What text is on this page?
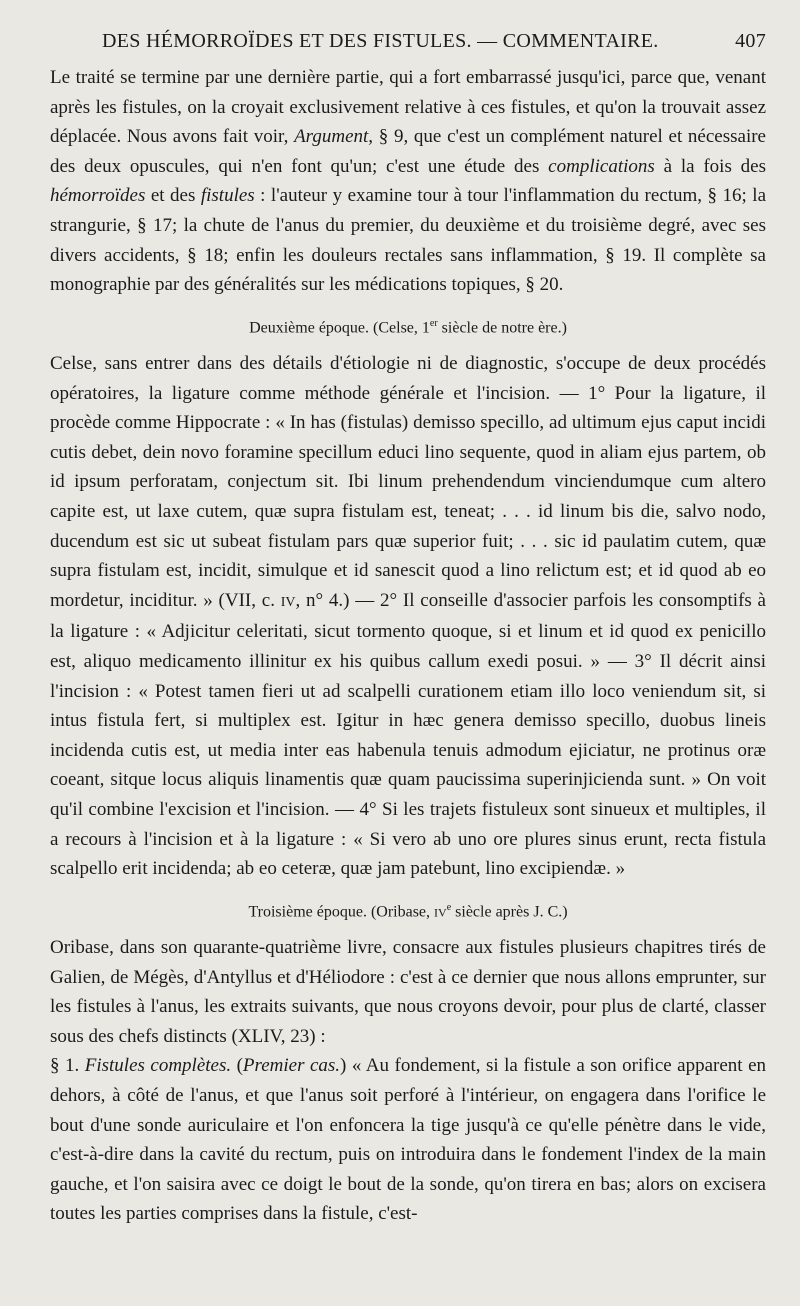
DES HÉMORROÏDES ET DES FISTULES. — COMMENTAIRE.	407

Le traité se termine par une dernière partie, qui a fort embarrassé jusqu'ici, parce que, venant après les fistules, on la croyait exclusivement relative à ces fistules, et qu'on la trouvait assez déplacée. Nous avons fait voir, Argument, § 9, que c'est un complément naturel et nécessaire des deux opuscules, qui n'en font qu'un; c'est une étude des complications à la fois des hémorroïdes et des fistules : l'auteur y examine tour à tour l'inflammation du rectum, § 16; la strangurie, § 17; la chute de l'anus du premier, du deuxième et du troisième degré, avec ses divers accidents, § 18; enfin les douleurs rectales sans inflammation, § 19. Il complète sa monographie par des généralités sur les médications topiques, § 20.

Deuxième époque. (Celse, 1er siècle de notre ère.)

Celse, sans entrer dans des détails d'étiologie ni de diagnostic, s'occupe de deux procédés opératoires, la ligature comme méthode générale et l'incision. — 1° Pour la ligature, il procède comme Hippocrate : « In has (fistulas) demisso specillo, ad ultimum ejus caput incidi cutis debet, dein novo foramine specillum educi lino sequente, quod in aliam ejus partem, ob id ipsum perforatam, conjectum sit. Ibi linum prehendendum vinciendumque cum altero capite est, ut laxe cutem, quæ supra fistulam est, teneat; . . . id linum bis die, salvo nodo, ducendum est sic ut subeat fistulam pars quæ superior fuit; . . . sic id paulatim cutem, quæ supra fistulam est, incidit, simulque et id sanescit quod a lino relictum est; et id quod ab eo mordetur, inciditur. » (VII, c. IV, n° 4.) — 2° Il conseille d'associer parfois les consomptifs à la ligature : « Adjicitur celeritati, sicut tormento quoque, si et linum et id quod ex penicillo est, aliquo medicamento illinitur ex his quibus callum exedi posui. » — 3° Il décrit ainsi l'incision : « Potest tamen fieri ut ad scalpelli curationem etiam illo loco veniendum sit, si intus fistula fert, si multiplex est. Igitur in hæc genera demisso specillo, duobus lineis incidenda cutis est, ut media inter eas habenula tenuis admodum ejiciatur, ne protinus oræ coeant, sitque locus aliquis linamentis quæ quam paucissima superinjicienda sunt. » On voit qu'il combine l'excision et l'incision. — 4° Si les trajets fistuleux sont sinueux et multiples, il a recours à l'incision et à la ligature : « Si vero ab uno ore plures sinus erunt, recta fistula scalpello erit incidenda; ab eo ceteræ, quæ jam patebunt, lino excipiendæ. »

Troisième époque. (Oribase, IVe siècle après J. C.)

Oribase, dans son quarante-quatrième livre, consacre aux fistules plusieurs chapitres tirés de Galien, de Mégès, d'Antyllus et d'Héliodore : c'est à ce dernier que nous allons emprunter, sur les fistules à l'anus, les extraits suivants, que nous croyons devoir, pour plus de clarté, classer sous des chefs distincts (XLIV, 23) :

§ 1. Fistules complètes. (Premier cas.) « Au fondement, si la fistule a son orifice apparent en dehors, à côté de l'anus, et que l'anus soit perforé à l'intérieur, on engagera dans l'orifice le bout d'une sonde auriculaire et l'on enfoncera la tige jusqu'à ce qu'elle pénètre dans le vide, c'est-à-dire dans la cavité du rectum, puis on introduira dans le fondement l'index de la main gauche, et l'on saisira avec ce doigt le bout de la sonde, qu'on tirera en bas; alors on excisera toutes les parties comprises dans la fistule, c'est-
